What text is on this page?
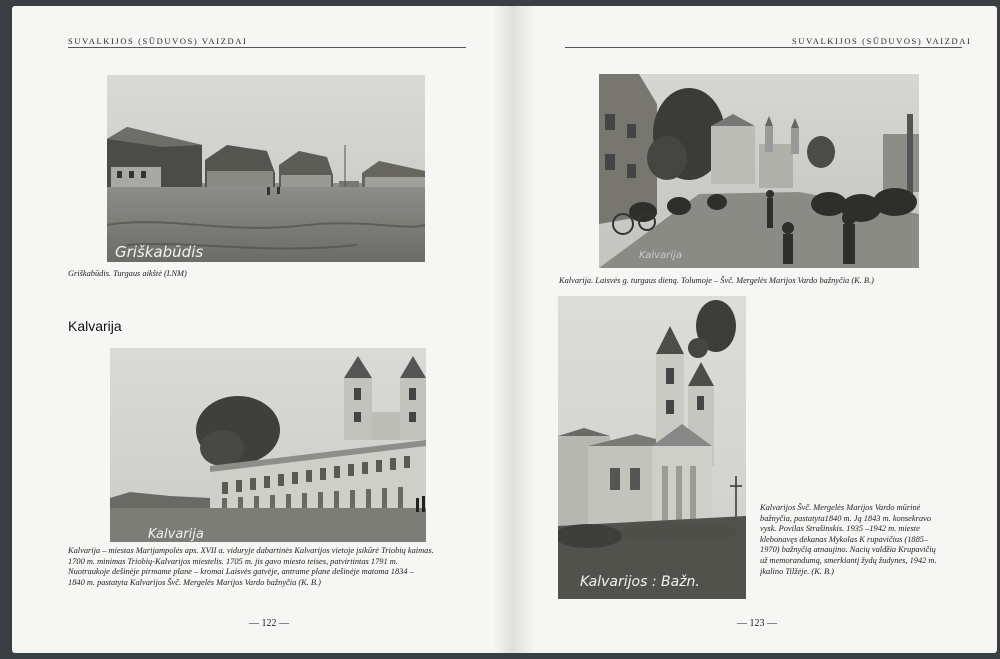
SUVALKIJOS (SŪDUVOS) VAIZDAI
Griškabūdis
Griškabūdis. Turgaus aikštė (LNM)
Kalvarija
Kalvarija
Kalvarija – miestas Marijampolės aps. XVII a. viduryje dabartinės Kalvarijos vietoje įsikūrė Triobių kaimas.
1700 m. minimas Triobių-Kalvarijos miestelis. 1705 m. jis gavo miesto teises, patvirtintas 1791 m.
Nuotraukoje dešinėje pirmame plane – kromai Laisvės gatvėje, antrame plane dešinėje matoma 1834 –
1840 m. pastatyta Kalvarijos Švč. Mergelės Marijos Vardo bažnyčia (K. B.)
— 122 —
SUVALKIJOS (SŪDUVOS) VAIZDAI
Kalvarija
Kalvarija. Laisvės g. turgaus dieną. Tolumoje – Švč. Mergelės Marijos Vardo bažnyčia (K. B.)
Kalvarijos : Bažn.
Kalvarijos Švč. Mergelės Marijos Vardo mūrinė
bažnyčia, pastatyta1840 m. Ją 1843 m. konsekravo
vysk. Povilas Strašinskis. 1935 –1942 m. mieste
klebonavęs dekanas Mykolas K rupavičius (1885–
1970) bažnyčią atnaujino. Nacių valdžia Krupavičių
už memorandumą, smerkiantį žydų žudynes, 1942 m.
įkalino Tilžėje. (K. B.)
— 123 —
